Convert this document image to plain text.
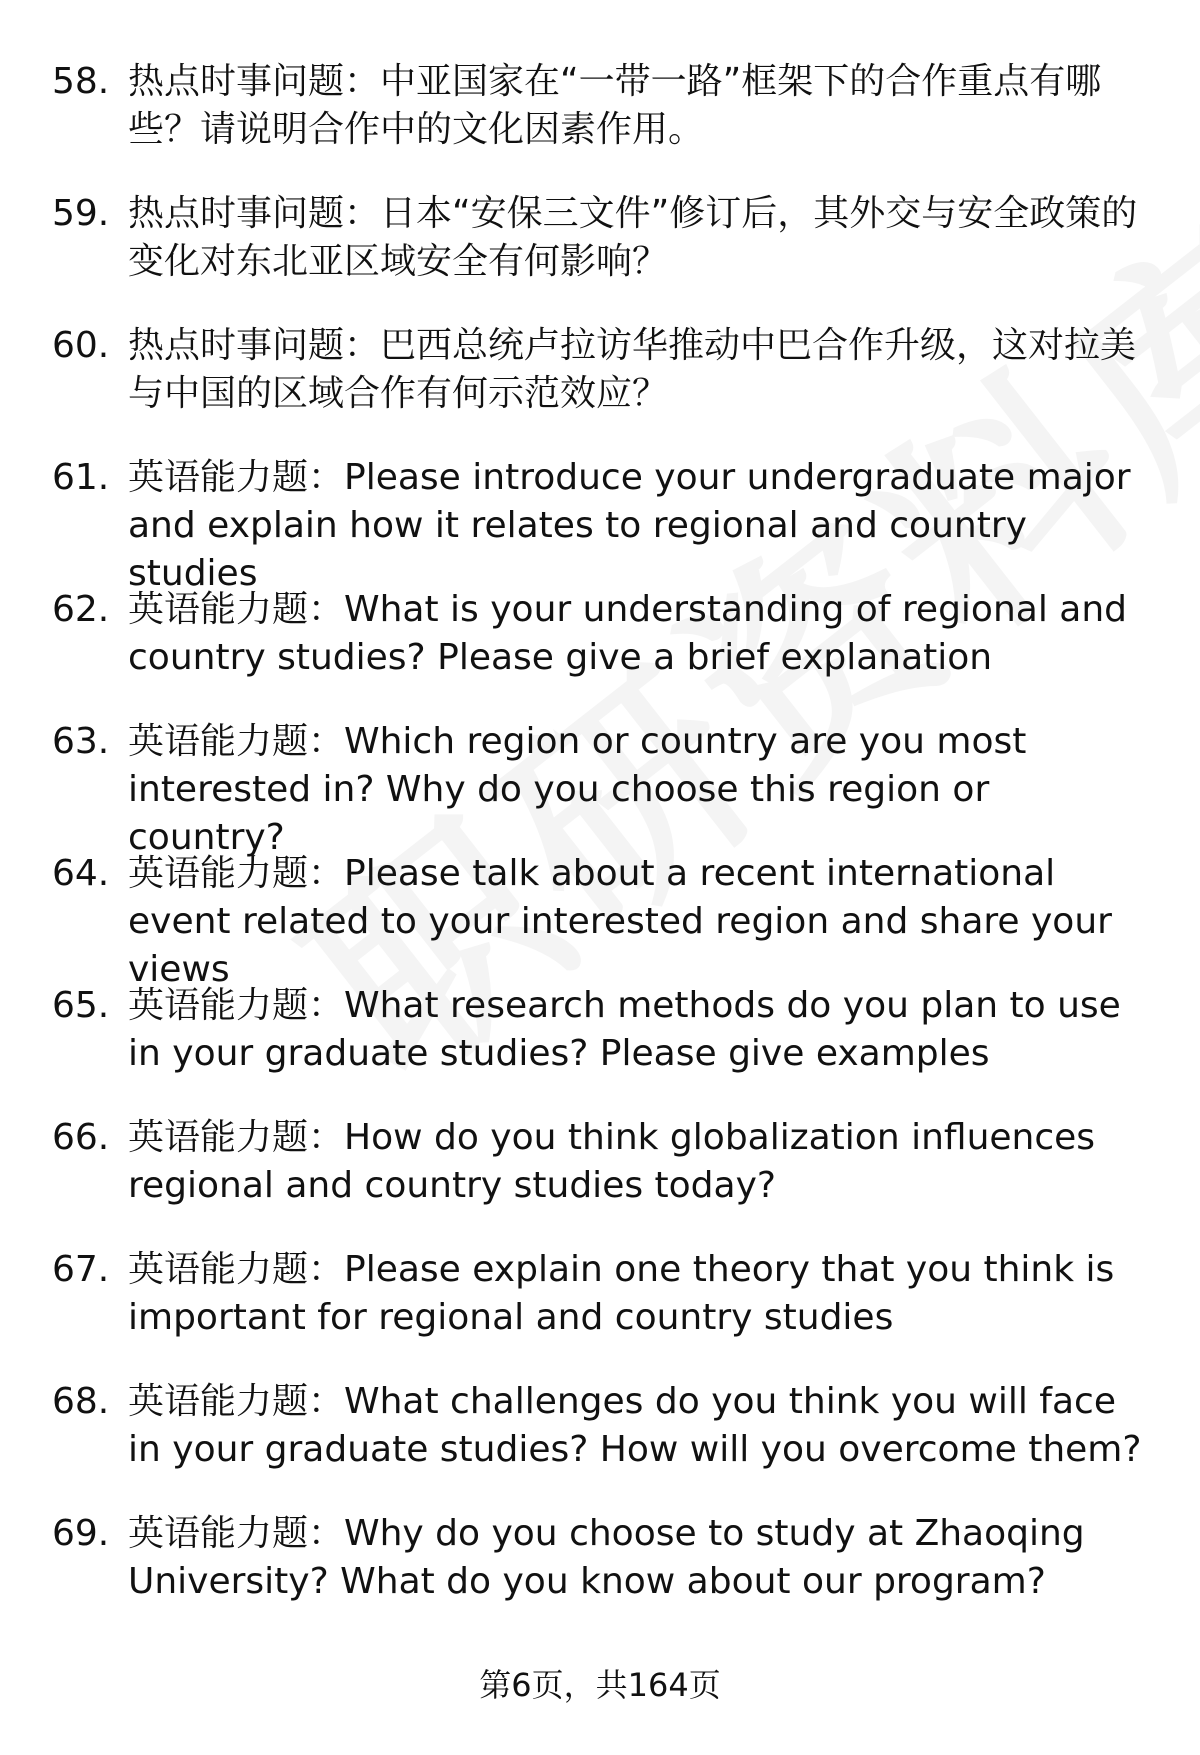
58. 热点时事问题：中亚国家在“一带一路”框架下的合作重点有哪些？请说明合作中的文化因素作用。
59. 热点时事问题：日本“安保三文件”修订后，其外交与安全政策的变化对东北亚区域安全有何影响？
60. 热点时事问题：巴西总统卢拉访华推动中巴合作升级，这对拉美与中国的区域合作有何示范效应？
61. 英语能力题：Please introduce your undergraduate major and explain how it relates to regional and country studies
62. 英语能力题：What is your understanding of regional and country studies? Please give a brief explanation
63. 英语能力题：Which region or country are you most interested in? Why do you choose this region or country?
64. 英语能力题：Please talk about a recent international event related to your interested region and share your views
65. 英语能力题：What research methods do you plan to use in your graduate studies? Please give examples
66. 英语能力题：How do you think globalization influences regional and country studies today?
67. 英语能力题：Please explain one theory that you think is important for regional and country studies
68. 英语能力题：What challenges do you think you will face in your graduate studies? How will you overcome them?
69. 英语能力题：Why do you choose to study at Zhaoqing University? What do you know about our program?
第6页，共164页
